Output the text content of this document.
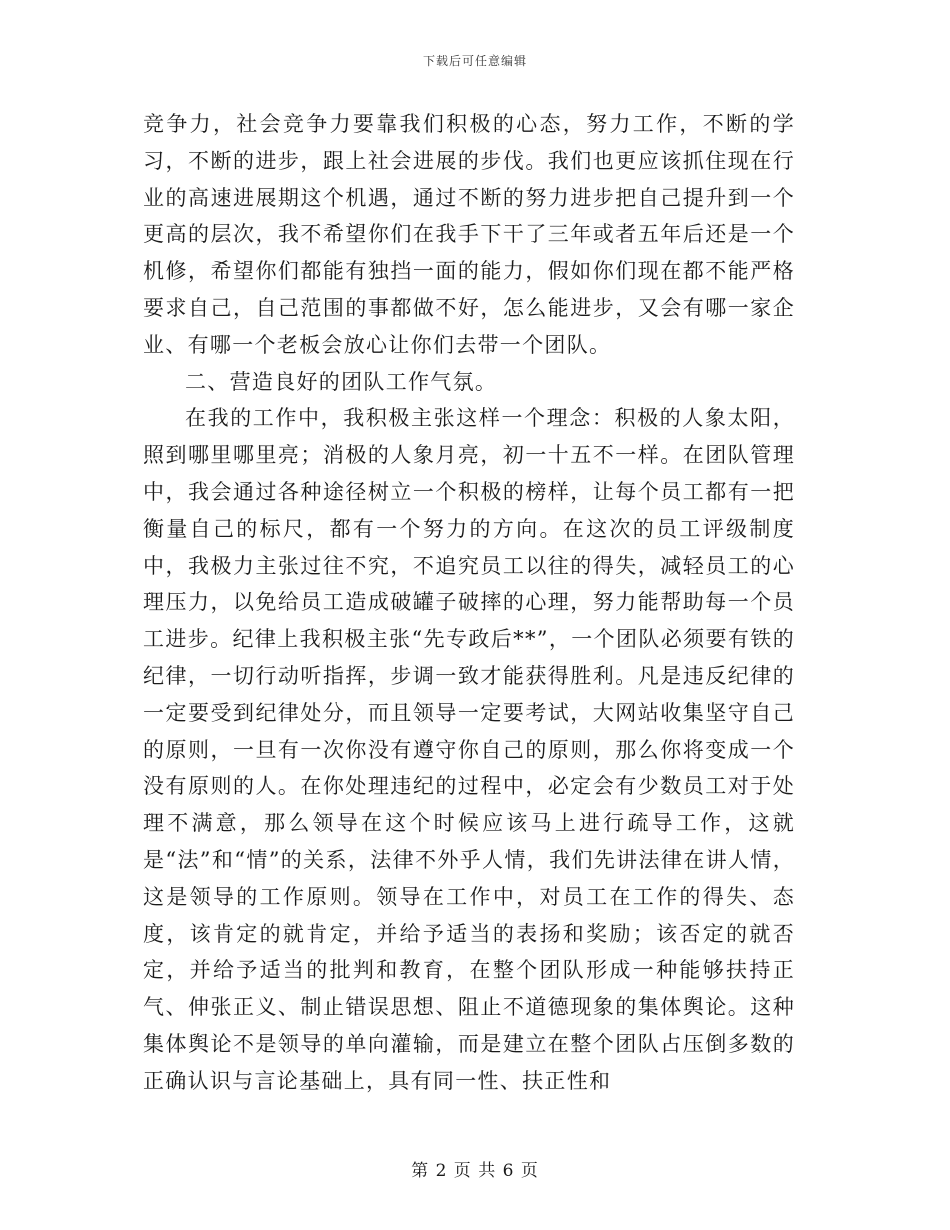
下载后可任意编辑

竞争力，社会竞争力要靠我们积极的心态，努力工作，不断的学习，不断的进步，跟上社会进展的步伐。我们也更应该抓住现在行业的高速进展期这个机遇，通过不断的努力进步把自己提升到一个更高的层次，我不希望你们在我手下干了三年或者五年后还是一个机修，希望你们都能有独挡一面的能力，假如你们现在都不能严格要求自己，自己范围的事都做不好，怎么能进步，又会有哪一家企业、有哪一个老板会放心让你们去带一个团队。

二、营造良好的团队工作气氛。

在我的工作中，我积极主张这样一个理念：积极的人象太阳，照到哪里哪里亮；消极的人象月亮，初一十五不一样。在团队管理中，我会通过各种途径树立一个积极的榜样，让每个员工都有一把衡量自己的标尺，都有一个努力的方向。在这次的员工评级制度中，我极力主张过往不究，不追究员工以往的得失，减轻员工的心理压力，以免给员工造成破罐子破摔的心理，努力能帮助每一个员工进步。纪律上我积极主张“先专政后**”，一个团队必须要有铁的纪律，一切行动听指挥，步调一致才能获得胜利。凡是违反纪律的一定要受到纪律处分，而且领导一定要考试，大网站收集坚守自己的原则，一旦有一次你没有遵守你自己的原则，那么你将变成一个没有原则的人。在你处理违纪的过程中，必定会有少数员工对于处理不满意，那么领导在这个时候应该马上进行疏导工作，这就是“法”和“情”的关系，法律不外乎人情，我们先讲法律在讲人情，这是领导的工作原则。领导在工作中，对员工在工作的得失、态度，该肯定的就肯定，并给予适当的表扬和奖励；该否定的就否定，并给予适当的批判和教育，在整个团队形成一种能够扶持正气、伸张正义、制止错误思想、阻止不道德现象的集体舆论。这种集体舆论不是领导的单向灌输，而是建立在整个团队占压倒多数的正确认识与言论基础上，具有同一性、扶正性和

第 2 页 共 6 页
